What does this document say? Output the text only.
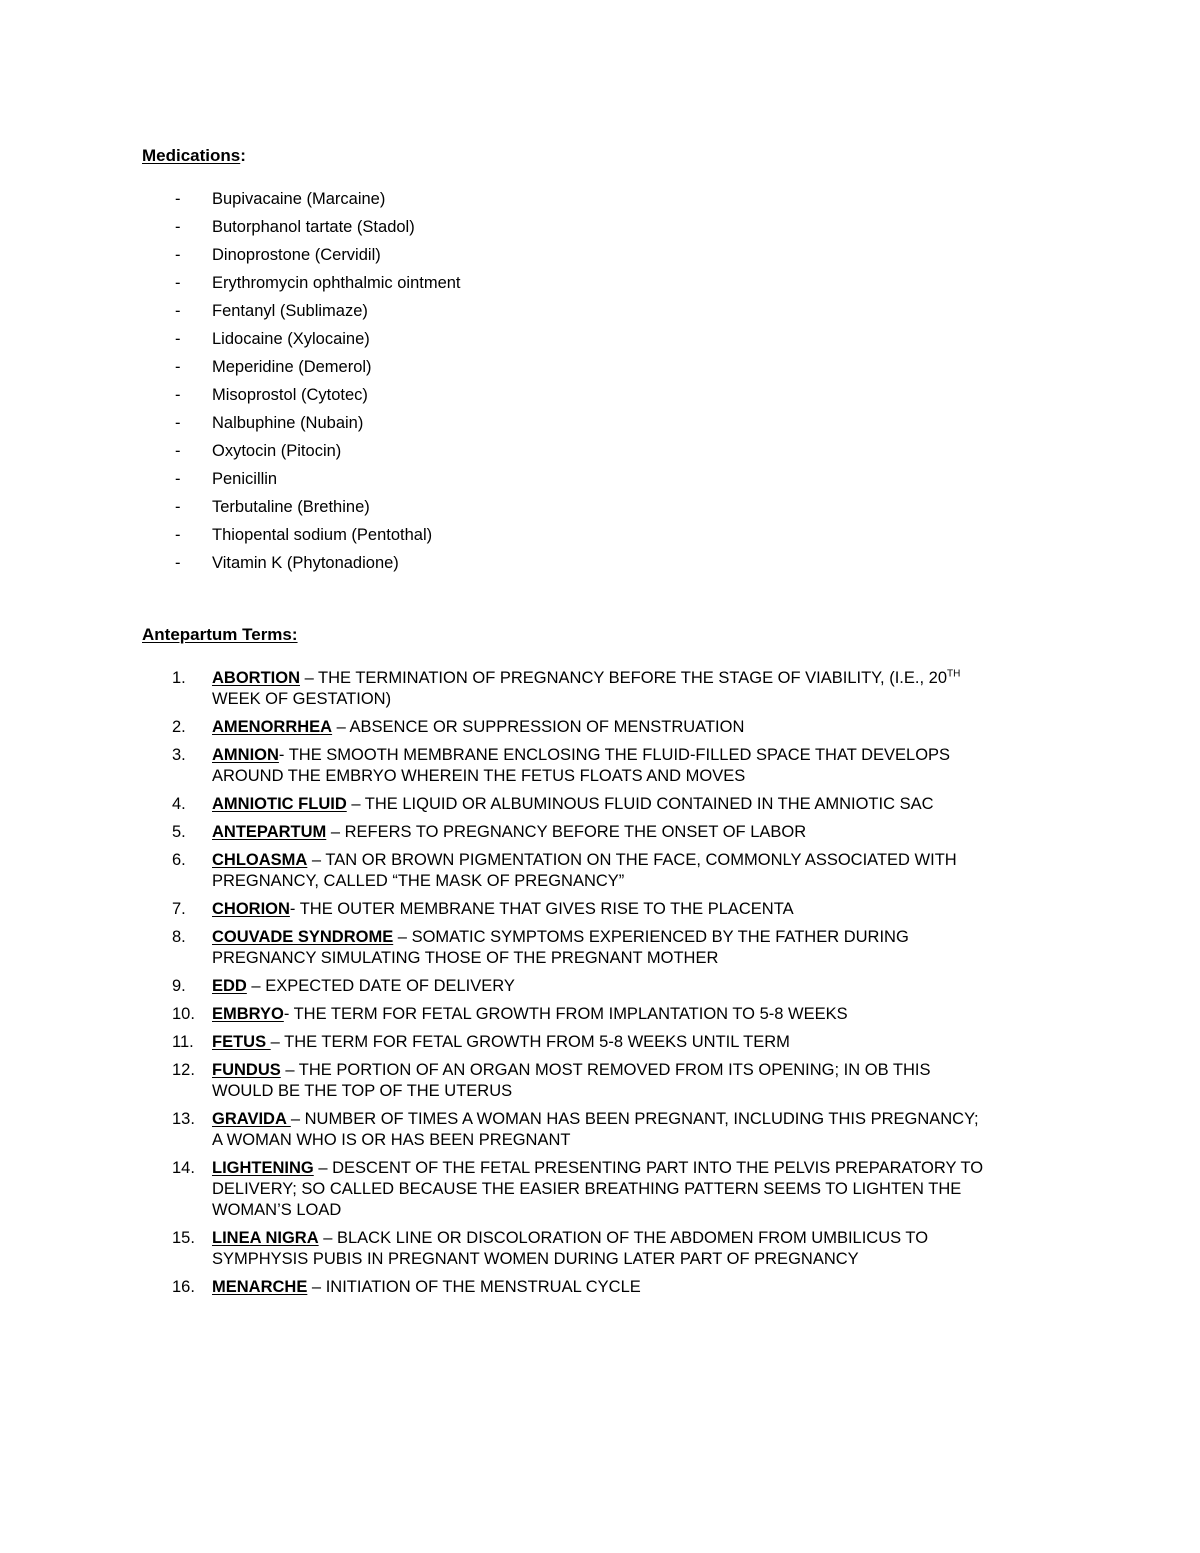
Medications:
- Bupivacaine (Marcaine)
- Butorphanol tartate (Stadol)
- Dinoprostone (Cervidil)
- Erythromycin ophthalmic ointment
- Fentanyl (Sublimaze)
- Lidocaine (Xylocaine)
- Meperidine (Demerol)
- Misoprostol (Cytotec)
- Nalbuphine (Nubain)
- Oxytocin (Pitocin)
- Penicillin
- Terbutaline (Brethine)
- Thiopental sodium (Pentothal)
- Vitamin K (Phytonadione)
Antepartum Terms:
1. ABORTION – THE TERMINATION OF PREGNANCY BEFORE THE STAGE OF VIABILITY, (I.E., 20TH
WEEK OF GESTATION)
2. AMENORRHEA – ABSENCE OR SUPPRESSION OF MENSTRUATION
3. AMNION- THE SMOOTH MEMBRANE ENCLOSING THE FLUID-FILLED SPACE THAT DEVELOPS
AROUND THE EMBRYO WHEREIN THE FETUS FLOATS AND MOVES
4. AMNIOTIC FLUID – THE LIQUID OR ALBUMINOUS FLUID CONTAINED IN THE AMNIOTIC SAC
5. ANTEPARTUM – REFERS TO PREGNANCY BEFORE THE ONSET OF LABOR
6. CHLOASMA – TAN OR BROWN PIGMENTATION ON THE FACE, COMMONLY ASSOCIATED WITH
PREGNANCY, CALLED “THE MASK OF PREGNANCY”
7. CHORION- THE OUTER MEMBRANE THAT GIVES RISE TO THE PLACENTA
8. COUVADE SYNDROME – SOMATIC SYMPTOMS EXPERIENCED BY THE FATHER DURING
PREGNANCY SIMULATING THOSE OF THE PREGNANT MOTHER
9. EDD – EXPECTED DATE OF DELIVERY
10. EMBRYO- THE TERM FOR FETAL GROWTH FROM IMPLANTATION TO 5-8 WEEKS
11. FETUS – THE TERM FOR FETAL GROWTH FROM 5-8 WEEKS UNTIL TERM
12. FUNDUS – THE PORTION OF AN ORGAN MOST REMOVED FROM ITS OPENING; IN OB THIS
WOULD BE THE TOP OF THE UTERUS
13. GRAVIDA – NUMBER OF TIMES A WOMAN HAS BEEN PREGNANT, INCLUDING THIS PREGNANCY;
A WOMAN WHO IS OR HAS BEEN PREGNANT
14. LIGHTENING – DESCENT OF THE FETAL PRESENTING PART INTO THE PELVIS PREPARATORY TO
DELIVERY; SO CALLED BECAUSE THE EASIER BREATHING PATTERN SEEMS TO LIGHTEN THE
WOMAN’S LOAD
15. LINEA NIGRA – BLACK LINE OR DISCOLORATION OF THE ABDOMEN FROM UMBILICUS TO
SYMPHYSIS PUBIS IN PREGNANT WOMEN DURING LATER PART OF PREGNANCY
16. MENARCHE – INITIATION OF THE MENSTRUAL CYCLE
